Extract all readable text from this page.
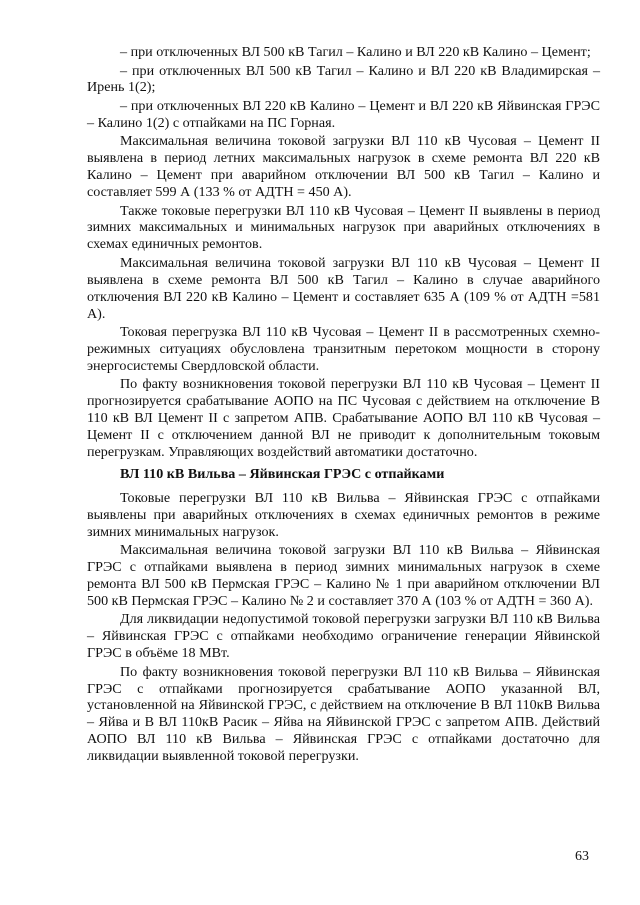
– при отключенных ВЛ 500 кВ Тагил – Калино и ВЛ 220 кВ Калино – Цемент;

– при отключенных ВЛ 500 кВ Тагил – Калино и ВЛ 220 кВ Владимирская – Ирень 1(2);

– при отключенных ВЛ 220 кВ Калино – Цемент и ВЛ 220 кВ Яйвинская ГРЭС – Калино 1(2) с отпайками на ПС Горная.

Максимальная величина токовой загрузки ВЛ 110 кВ Чусовая – Цемент II выявлена в период летних максимальных нагрузок в схеме ремонта ВЛ 220 кВ Калино – Цемент при аварийном отключении ВЛ 500 кВ Тагил – Калино и составляет 599 А (133 % от АДТН = 450 А).

Также токовые перегрузки ВЛ 110 кВ Чусовая – Цемент II выявлены в период зимних максимальных и минимальных нагрузок при аварийных отключениях в схемах единичных ремонтов.

Максимальная величина токовой загрузки ВЛ 110 кВ Чусовая – Цемент II выявлена в схеме ремонта ВЛ 500 кВ Тагил – Калино в случае аварийного отключения ВЛ 220 кВ Калино – Цемент и составляет 635 А (109 % от АДТН =581 А).

Токовая перегрузка ВЛ 110 кВ Чусовая – Цемент II в рассмотренных схемно-режимных ситуациях обусловлена транзитным перетоком мощности в сторону энергосистемы Свердловской области.

По факту возникновения токовой перегрузки ВЛ 110 кВ Чусовая – Цемент II прогнозируется срабатывание АОПО на ПС Чусовая с действием на отключение В 110 кВ ВЛ Цемент II с запретом АПВ. Срабатывание АОПО ВЛ 110 кВ Чусовая – Цемент II с отключением данной ВЛ не приводит к дополнительным токовым перегрузкам. Управляющих воздействий автоматики достаточно.

ВЛ 110 кВ Вильва – Яйвинская ГРЭС с отпайками

Токовые перегрузки ВЛ 110 кВ Вильва – Яйвинская ГРЭС с отпайками выявлены при аварийных отключениях в схемах единичных ремонтов в режиме зимних минимальных нагрузок.

Максимальная величина токовой загрузки ВЛ 110 кВ Вильва – Яйвинская ГРЭС с отпайками выявлена в период зимних минимальных нагрузок в схеме ремонта ВЛ 500 кВ Пермская ГРЭС – Калино № 1 при аварийном отключении ВЛ 500 кВ Пермская ГРЭС – Калино № 2 и составляет 370 А (103 % от АДТН = 360 А).

Для ликвидации недопустимой токовой перегрузки загрузки ВЛ 110 кВ Вильва – Яйвинская ГРЭС с отпайками необходимо ограничение генерации Яйвинской ГРЭС в объёме 18 МВт.

По факту возникновения токовой перегрузки ВЛ 110 кВ Вильва – Яйвинская ГРЭС с отпайками прогнозируется срабатывание АОПО указанной ВЛ, установленной на Яйвинской ГРЭС, с действием на отключение В ВЛ 110кВ Вильва – Яйва и В ВЛ 110кВ Расик – Яйва на Яйвинской ГРЭС с запретом АПВ. Действий АОПО ВЛ 110 кВ Вильва – Яйвинская ГРЭС с отпайками достаточно для ликвидации выявленной токовой перегрузки.

63
